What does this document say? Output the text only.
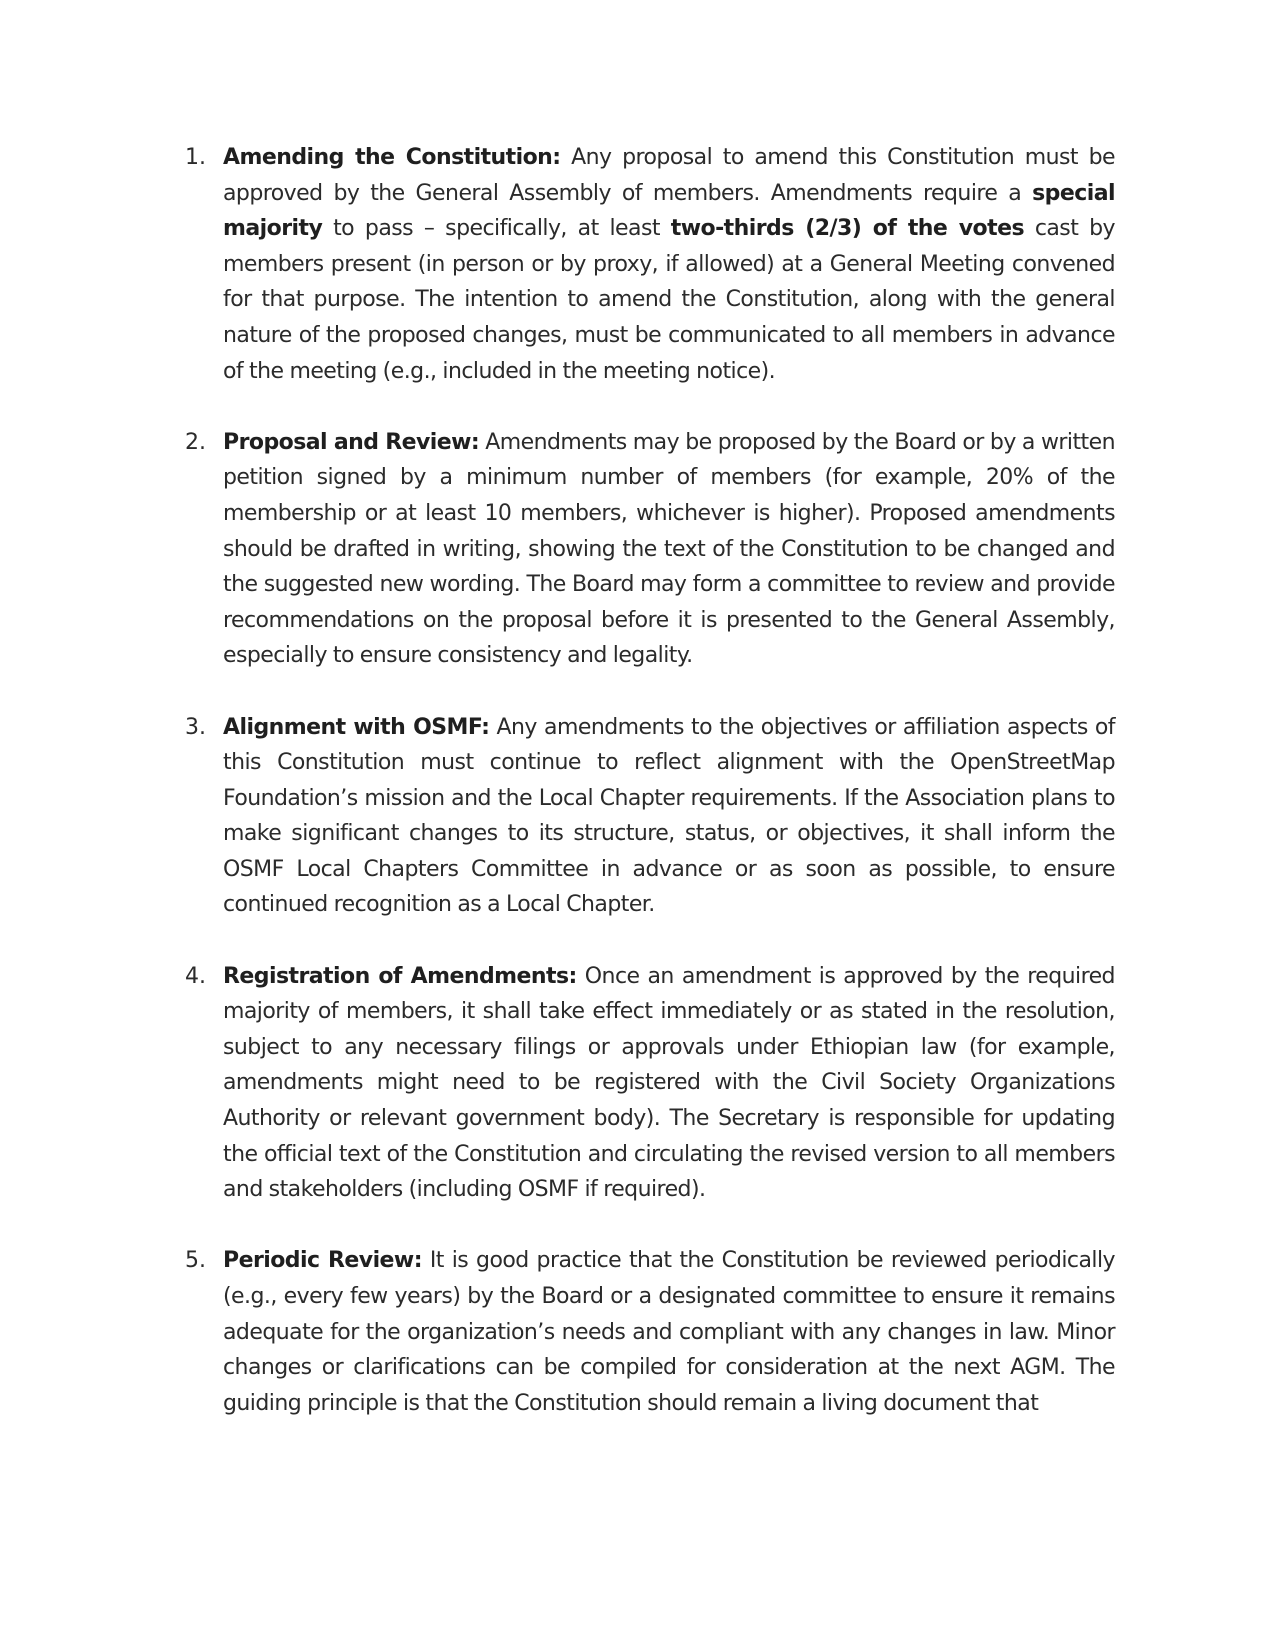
1. Amending the Constitution: Any proposal to amend this Constitution must be approved by the General Assembly of members. Amendments require a special majority to pass – specifically, at least two-thirds (2/3) of the votes cast by members present (in person or by proxy, if allowed) at a General Meeting convened for that purpose. The intention to amend the Constitution, along with the general nature of the proposed changes, must be communicated to all members in advance of the meeting (e.g., included in the meeting notice).
2. Proposal and Review: Amendments may be proposed by the Board or by a written petition signed by a minimum number of members (for example, 20% of the membership or at least 10 members, whichever is higher). Proposed amendments should be drafted in writing, showing the text of the Constitution to be changed and the suggested new wording. The Board may form a committee to review and provide recommendations on the proposal before it is presented to the General Assembly, especially to ensure consistency and legality.
3. Alignment with OSMF: Any amendments to the objectives or affiliation aspects of this Constitution must continue to reflect alignment with the OpenStreetMap Foundation’s mission and the Local Chapter requirements. If the Association plans to make significant changes to its structure, status, or objectives, it shall inform the OSMF Local Chapters Committee in advance or as soon as possible, to ensure continued recognition as a Local Chapter.
4. Registration of Amendments: Once an amendment is approved by the required majority of members, it shall take effect immediately or as stated in the resolution, subject to any necessary filings or approvals under Ethiopian law (for example, amendments might need to be registered with the Civil Society Organizations Authority or relevant government body). The Secretary is responsible for updating the official text of the Constitution and circulating the revised version to all members and stakeholders (including OSMF if required).
5. Periodic Review: It is good practice that the Constitution be reviewed periodically (e.g., every few years) by the Board or a designated committee to ensure it remains adequate for the organization’s needs and compliant with any changes in law. Minor changes or clarifications can be compiled for consideration at the next AGM. The guiding principle is that the Constitution should remain a living document that
